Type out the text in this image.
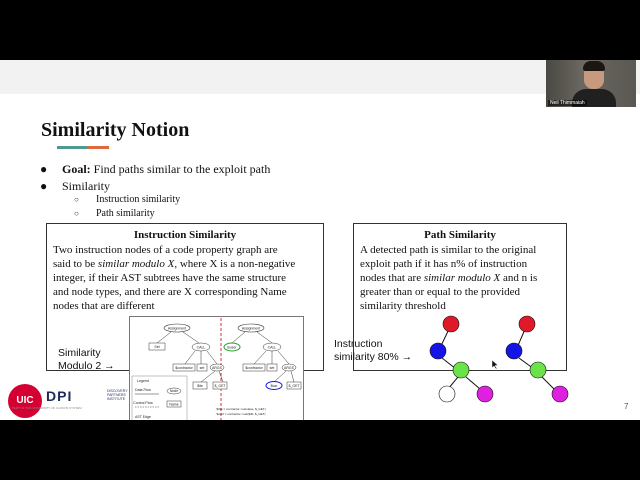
Similarity Notion
● Goal: Find paths similar to the exploit path
● Similarity
○ Instruction similarity
○ Path similarity
Instruction Similarity

Two instruction nodes of a code property graph are
said to be similar modulo X, where X is a non-negative
integer, if their AST subtrees have the same structure
and node types, and there are X corresponding Name
nodes that are different

Path Similarity

A detected path is similar to the original
exploit path if it has n% of instruction
nodes that are similar modulo X and n is
greater than or equal to the provided
similarity threshold

Similarity
Modulo 2 →
Instruction
similarity 80% →
Assignment	Assignment
Set	CALL	Buser	CALL
$contractor set ARGS	$contractor set	ARGS
$ite	$_GET	$var	$_GET
Legend
Data Flow
Control Flow
AST Edge
Node
Name
$this = contractor->setvalue, $_GET}
$conf = contractor->set($db, $_GET)
UIC DPI	DISCOVERY PARTNERS INSTITUTE
PART OF THE UNIVERSITY OF ILLINOIS SYSTEM	7
Neil Thimmaiah
